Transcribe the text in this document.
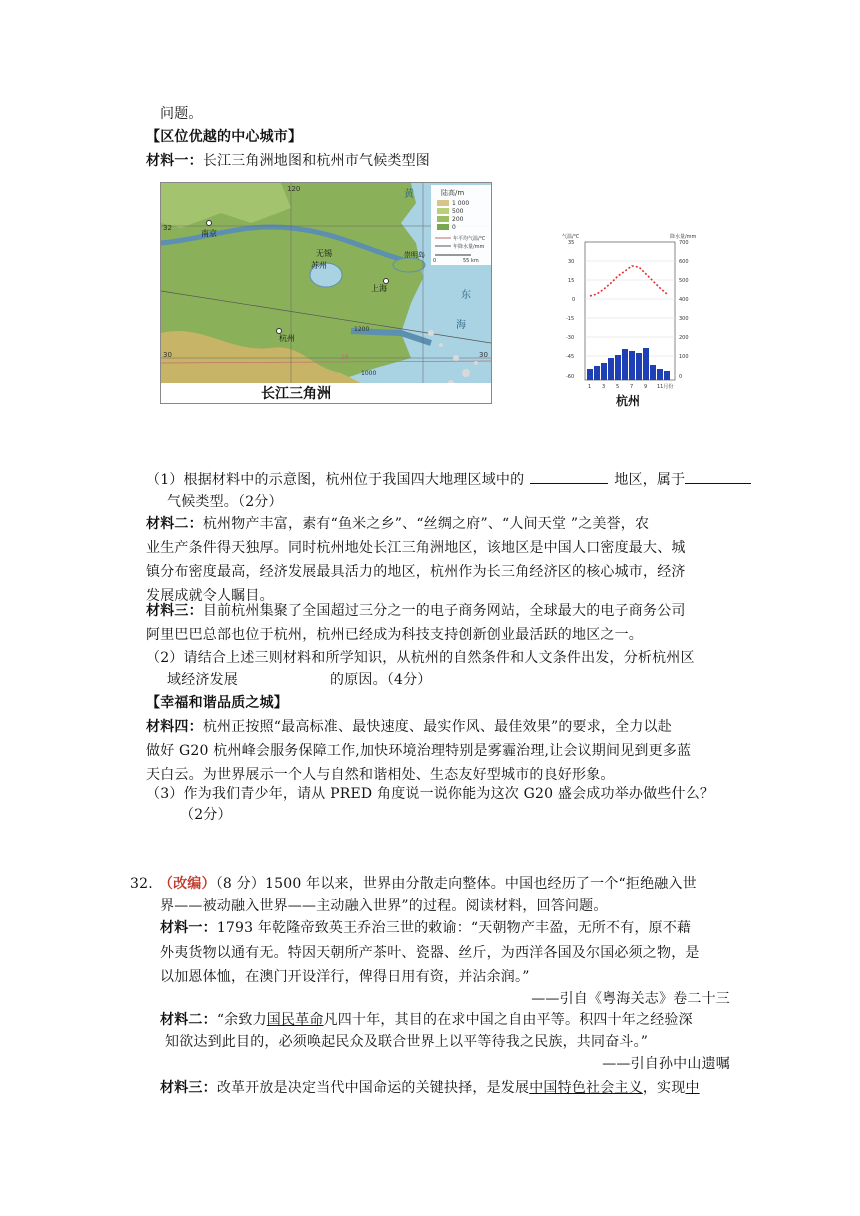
问题。
【区位优越的中心城市】
材料一：长江三角洲地图和杭州市气候类型图
陆高/m
1 000
500
200
0
年平均气温/℃
年降水量/mm
0	55 km
黄
海
东
南京
无锡
苏州
上海
杭州
崇明岛
120
32
30	30
1200
1000
16
长江三角洲
气温/℃	降水量/mm
35
30
15
0
-15
-30
-45
-60
700
600
500
400
300
200
100
0
1 3 5 7 9 11月份
杭州
（1）根据材料中的示意图，杭州位于我国四大地理区域中的	地区，属于
气候类型。（2分）
材料二：杭州物产丰富，素有“鱼米之乡”、“丝绸之府”、“人间天堂 ”之美誉，农
业生产条件得天独厚。同时杭州地处长江三角洲地区，该地区是中国人口密度最大、城
镇分布密度最高，经济发展最具活力的地区，杭州作为长三角经济区的核心城市，经济
发展成就令人瞩目。
材料三：目前杭州集聚了全国超过三分之一的电子商务网站，全球最大的电子商务公司
阿里巴巴总部也位于杭州，杭州已经成为科技支持创新创业最活跃的地区之一。
（2）请结合上述三则材料和所学知识，从杭州的自然条件和人文条件出发，分析杭州区
域经济发展	的原因。（4分）
【幸福和谐品质之城】
材料四：杭州正按照“最高标准、最快速度、最实作风、最佳效果”的要求，全力以赴
做好 G20 杭州峰会服务保障工作,加快环境治理特别是雾霾治理,让会议期间见到更多蓝
天白云。为世界展示一个人与自然和谐相处、生态友好型城市的良好形象。
（3）作为我们青少年，请从 PRED 角度说一说你能为这次 G20 盛会成功举办做些什么？
（2分）
32. （改编）（8 分）1500 年以来，世界由分散走向整体。中国也经历了一个“拒绝融入世
界——被动融入世界——主动融入世界”的过程。阅读材料，回答问题。
材料一：1793 年乾隆帝致英王乔治三世的敕谕：“天朝物产丰盈，无所不有，原不藉
外夷货物以通有无。特因天朝所产茶叶、瓷器、丝斤，为西洋各国及尔国必须之物，是
以加恩体恤，在澳门开设洋行，俾得日用有资，并沾余润。”
——引自《粤海关志》卷二十三
材料二：“余致力国民革命凡四十年，其目的在求中国之自由平等。积四十年之经验深
知欲达到此目的，必须唤起民众及联合世界上以平等待我之民族，共同奋斗。”
——引自孙中山遗嘱
材料三：改革开放是决定当代中国命运的关键抉择，是发展中国特色社会主义，实现中
